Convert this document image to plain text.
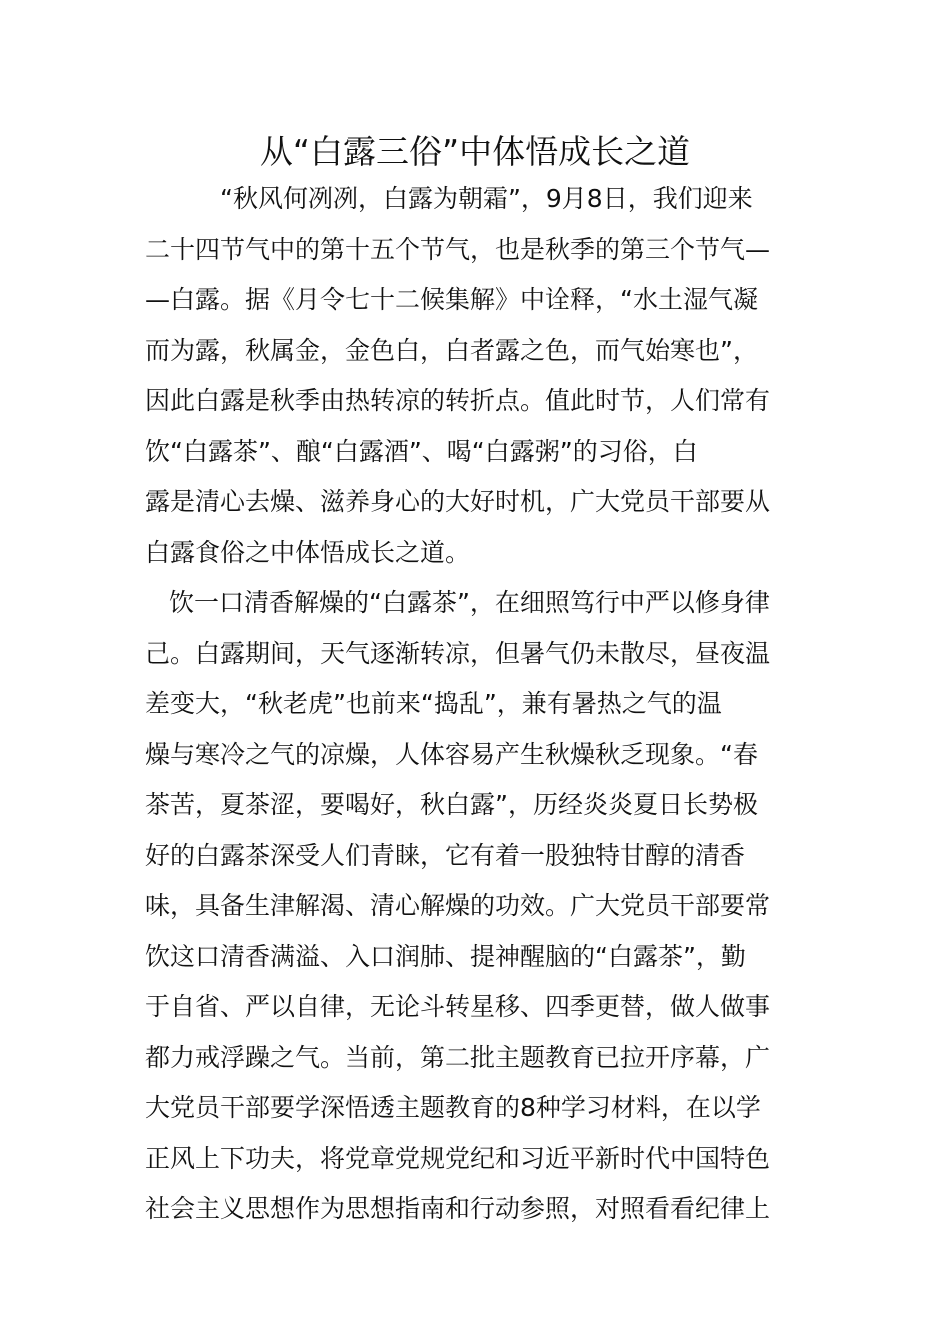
从“白露三俗”中体悟成长之道
“秋风何冽冽，白露为朝霜”，9月8日，我们迎来
二十四节气中的第十五个节气，也是秋季的第三个节气—
—白露。据《月令七十二候集解》中诠释，“水土湿气凝
而为露，秋属金，金色白，白者露之色，而气始寒也”，
因此白露是秋季由热转凉的转折点。值此时节，人们常有
饮“白露茶”、酿“白露酒”、喝“白露粥”的习俗，白
露是清心去燥、滋养身心的大好时机，广大党员干部要从
白露食俗之中体悟成长之道。
饮一口清香解燥的“白露茶”，在细照笃行中严以修身律
己。白露期间，天气逐渐转凉，但暑气仍未散尽，昼夜温
差变大，“秋老虎”也前来“捣乱”，兼有暑热之气的温
燥与寒冷之气的凉燥，人体容易产生秋燥秋乏现象。“春
茶苦，夏茶涩，要喝好，秋白露”，历经炎炎夏日长势极
好的白露茶深受人们青睐，它有着一股独特甘醇的清香
味，具备生津解渴、清心解燥的功效。广大党员干部要常
饮这口清香满溢、入口润肺、提神醒脑的“白露茶”，勤
于自省、严以自律，无论斗转星移、四季更替，做人做事
都力戒浮躁之气。当前，第二批主题教育已拉开序幕，广
大党员干部要学深悟透主题教育的8种学习材料，在以学
正风上下功夫，将党章党规党纪和习近平新时代中国特色
社会主义思想作为思想指南和行动参照，对照看看纪律上
